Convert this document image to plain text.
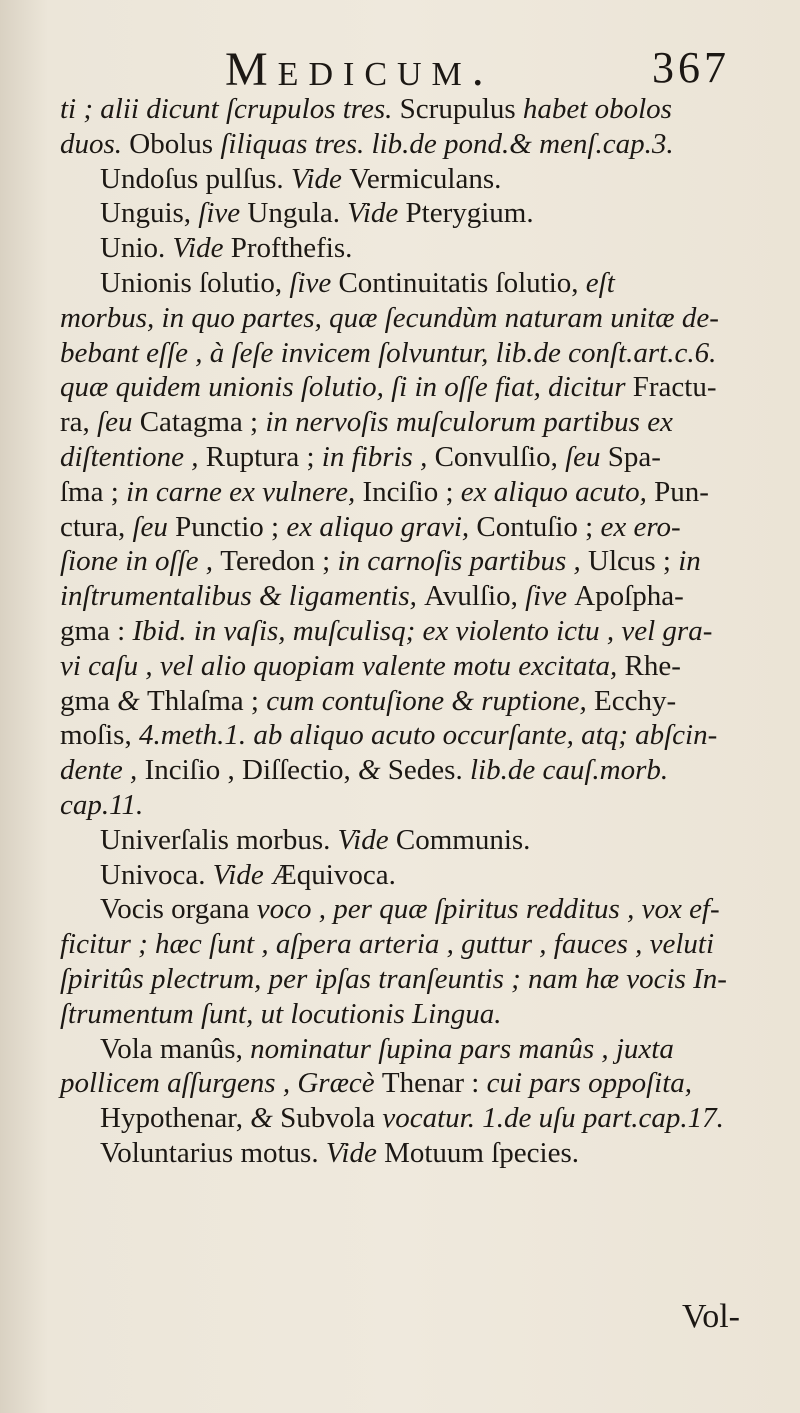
Medicum.	367
ti ; alii dicunt ſcrupulos tres. Scrupulus habet obolos
duos. Obolus ſiliquas tres. lib.de pond.& menſ.cap.3.
Undoſus pulſus. Vide Vermiculans.
Unguis, ſive Ungula. Vide Pterygium.
Unio. Vide Profthefis.
Unionis ſolutio, ſive Continuitatis ſolutio, eſt
morbus, in quo partes, quæ ſecundùm naturam unitæ de-
bebant eſſe , à ſeſe invicem ſolvuntur, lib.de conſt.art.c.6.
quæ quidem unionis ſolutio, ſi in oſſe fiat, dicitur Fractu-
ra, ſeu Catagma ; in nervoſis muſculorum partibus ex
diſtentione , Ruptura ; in fibris , Convulſio, ſeu Spa-
ſma ; in carne ex vulnere, Inciſio ; ex aliquo acuto, Pun-
ctura, ſeu Punctio ; ex aliquo gravi, Contuſio ; ex ero-
ſione in oſſe , Teredon ; in carnoſis partibus , Ulcus ; in
inſtrumentalibus & ligamentis, Avulſio, ſive Apoſpha-
gma : Ibid. in vaſis, muſculisq; ex violento ictu , vel gra-
vi caſu , vel alio quopiam valente motu excitata, Rhe-
gma & Thlaſma ; cum contuſione & ruptione, Ecchy-
moſis, 4.meth.1. ab aliquo acuto occurſante, atq; abſcin-
dente , Inciſio , Diſſectio, & Sedes. lib.de cauſ.morb.
cap.11.
Univerſalis morbus. Vide Communis.
Univoca. Vide Æquivoca.
Vocis organa voco , per quæ ſpiritus redditus , vox ef-
ficitur ; hæc ſunt , aſpera arteria , guttur , fauces , veluti
ſpiritûs plectrum, per ipſas tranſeuntis ; nam hæ vocis In-
ſtrumentum ſunt, ut locutionis Lingua.
Vola manûs, nominatur ſupina pars manûs , juxta
pollicem aſſurgens , Græcè Thenar : cui pars oppoſita,
Hypothenar, & Subvola vocatur. 1.de uſu part.cap.17.
Voluntarius motus. Vide Motuum ſpecies.
Vol-
